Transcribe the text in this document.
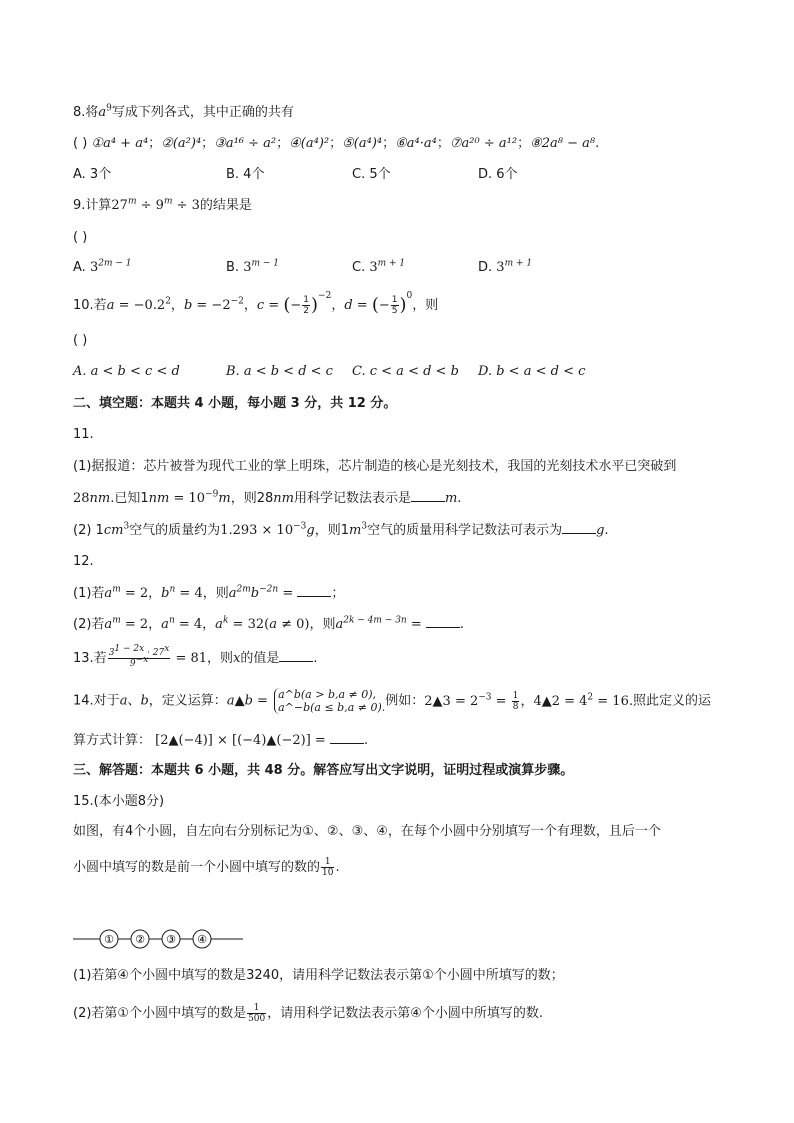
8.将$a^9$写成下列各式，其中正确的共有
( ) ①a⁴ + a⁴；②(a²)⁴；③a¹⁶ ÷ a²；④(a⁴)²；⑤(a⁴)⁴；⑥a⁴·a⁴；⑦a²⁰ ÷ a¹²；⑧2a⁸ − a⁸.
A. 3个	B. 4个	C. 5个	D. 6个
9.计算$27^m \div 9^m \div 3$的结果是
( )
A. $3^{2m - 1}$	B. $3^{m - 1}$	C. $3^{m + 1}$	D. $3^{m + 1}$
10.若$a = -0.2^2$，$b = -2^{-2}$，c = (− $\frac{1}{2} )^{-2}$，d = (− $\frac{1}{5} )^0$，则
( )
A. a < b < c < d	B. a < b < d < c C. c < a < d < b D. b < a < d < c
二、填空题：本题共 4 小题，每小题 3 分，共 12 分。
11.
(1)据报道：芯片被誉为现代工业的掌上明珠，芯片制造的核心是光刻技术，我国的光刻技术水平已突破到
28nm.已知$1nm = 10^{-9}m$，则28nm用科学记数法表示是	m.
(2) $1cm^3$空气的质量约为$1.293 \times 10^{-3}g$，则$1m^3$空气的质量用科学记数法可表示为	g.
12.
(1)若$a^m = 2$，$b^n = 4$，则$a^{2m}b^{-2n}$ =	；
(2)若$a^m = 2$，$a^n = 4$，$a^k = 32(a \ne 0)$，则$a^{2k - 4m - 3n}$ =	.
13.若 $\frac{3^{1 - 2x} \cdot 27^x}{9^{-x}} = 81$，则x的值是	.
14.对于a、b，定义运算：a▲b = a^b(a > b,a ≠ 0),
a^−b(a ≤ b,a ≠ 0). 例如：2▲3 = $2^{-3} = \frac{1}{8}$ ，4▲2 = $4^2 = 16$.照此定义的运
算方式计算： [2▲(−4)] × [(−4)▲(−2)] =	.
三、解答题：本题共 6 小题，共 48 分。解答应写出文字说明，证明过程或演算步骤。
15.(本小题8分)
如图，有4个小圆，自左向右分别标记为①、②、③、④，在每个小圆中分别填写一个有理数，且后一个
小圆中填写的数是前一个小圆中填写的数的 $\frac{1}{10}$ .
① ② ③ ④
(1)若第④个小圆中填写的数是3240，请用科学记数法表示第①个小圆中所填写的数；
(2)若第①个小圆中填写的数是 $\frac{1}{500}$ ，请用科学记数法表示第④个小圆中所填写的数.
